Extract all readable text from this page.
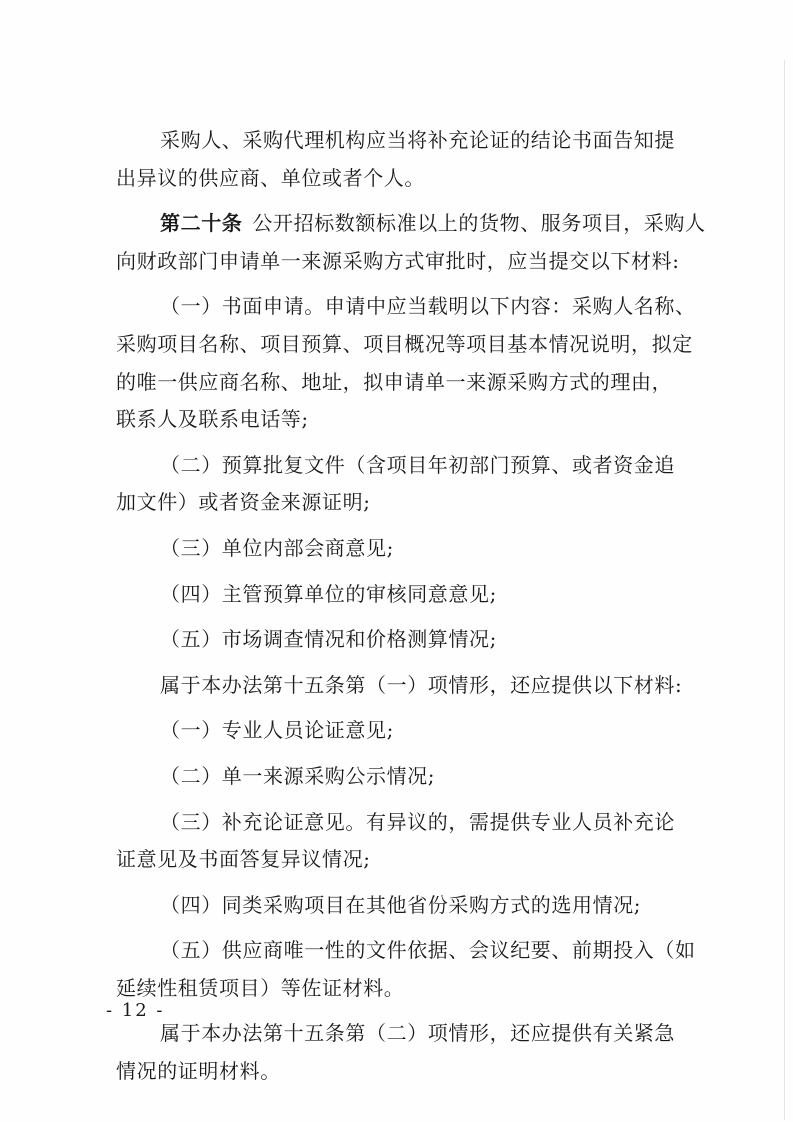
采购人、采购代理机构应当将补充论证的结论书面告知提
出异议的供应商、单位或者个人。
第二十条 公开招标数额标准以上的货物、服务项目，采购人
向财政部门申请单一来源采购方式审批时，应当提交以下材料:
（一）书面申请。申请中应当载明以下内容：采购人名称、
采购项目名称、项目预算、项目概况等项目基本情况说明，拟定
的唯一供应商名称、地址，拟申请单一来源采购方式的理由，
联系人及联系电话等;
（二）预算批复文件（含项目年初部门预算、或者资金追
加文件）或者资金来源证明;
（三）单位内部会商意见;
（四）主管预算单位的审核同意意见;
（五）市场调查情况和价格测算情况;
属于本办法第十五条第（一）项情形，还应提供以下材料:
（一）专业人员论证意见;
（二）单一来源采购公示情况;
（三）补充论证意见。有异议的，需提供专业人员补充论
证意见及书面答复异议情况;
（四）同类采购项目在其他省份采购方式的选用情况;
（五）供应商唯一性的文件依据、会议纪要、前期投入（如
延续性租赁项目）等佐证材料。
属于本办法第十五条第（二）项情形，还应提供有关紧急
情况的证明材料。
- 12 -
